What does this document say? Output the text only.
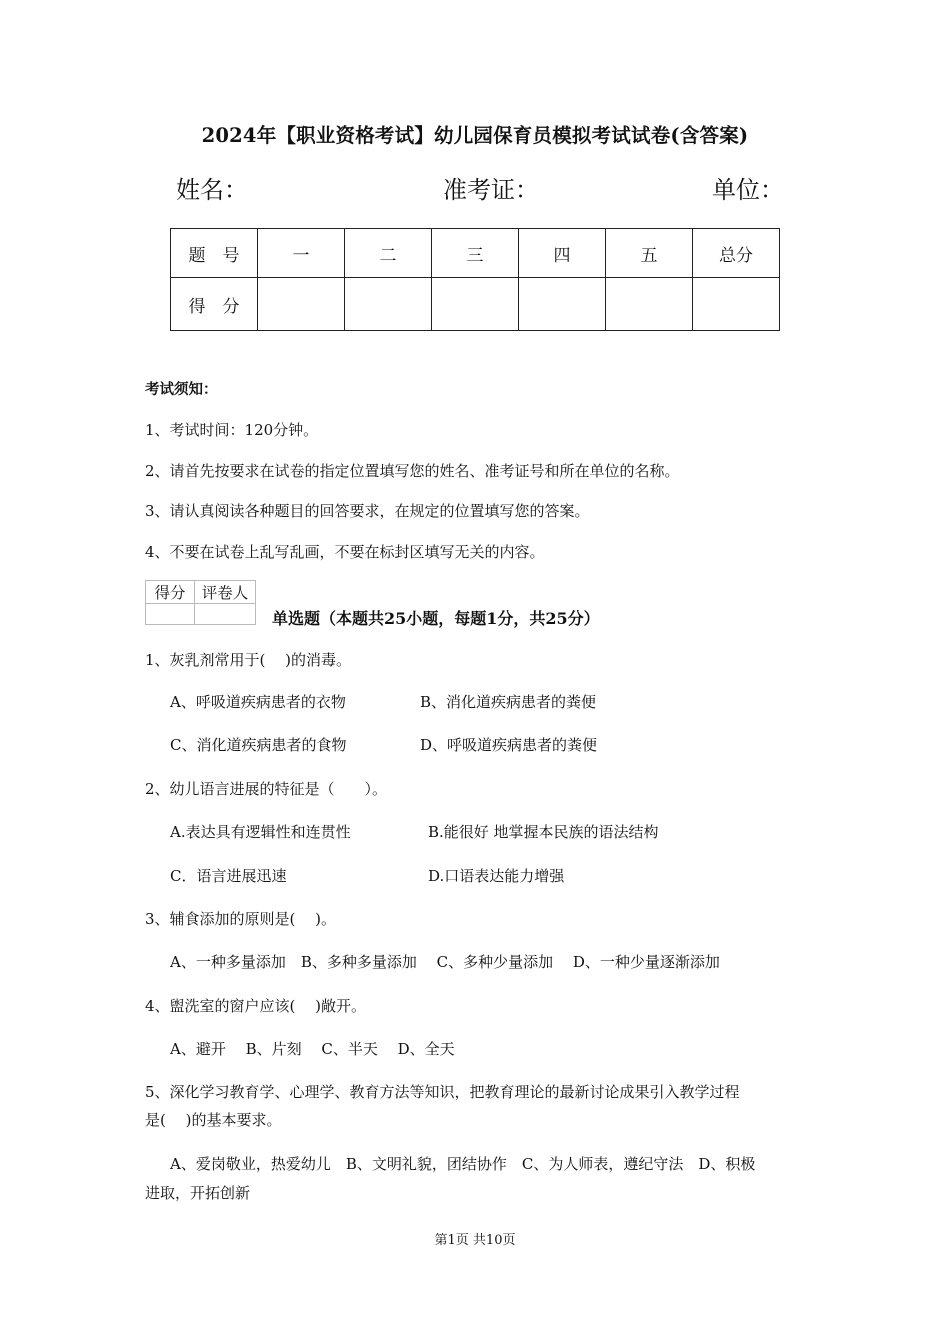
2024年【职业资格考试】幼儿园保育员模拟考试试卷(含答案)
姓名：	准考证：	单位：
题　号	一	二	三	四	五	总分
得　分						
考试须知：
1、考试时间：120分钟。
2、请首先按要求在试卷的指定位置填写您的姓名、准考证号和所在单位的名称。
3、请认真阅读各种题目的回答要求，在规定的位置填写您的答案。
4、不要在试卷上乱写乱画，不要在标封区填写无关的内容。
得分	评卷人

单选题（本题共25小题，每题1分，共25分）
1、灰乳剂常用于(　 )的消毒。
A、呼吸道疾病患者的衣物	B、消化道疾病患者的粪便
C、消化道疾病患者的食物	D、呼吸道疾病患者的粪便
2、幼儿语言进展的特征是（　　）。
A.表达具有逻辑性和连贯性	B.能很好 地掌握本民族的语法结构
C．语言进展迅速	D.口语表达能力增强
3、辅食添加的原则是(　 )。
A、一种多量添加　B、多种多量添加　 C、多种少量添加　 D、一种少量逐渐添加
4、盥洗室的窗户应该(　 )敞开。
A、避开　 B、片刻　 C、半天　 D、全天
5、深化学习教育学、心理学、教育方法等知识，把教育理论的最新讨论成果引入教学过程
是(　 )的基本要求。
A、爱岗敬业，热爱幼儿　B、文明礼貌，团结协作　C、为人师表，遵纪守法　D、积极
进取，开拓创新
第1页 共10页
